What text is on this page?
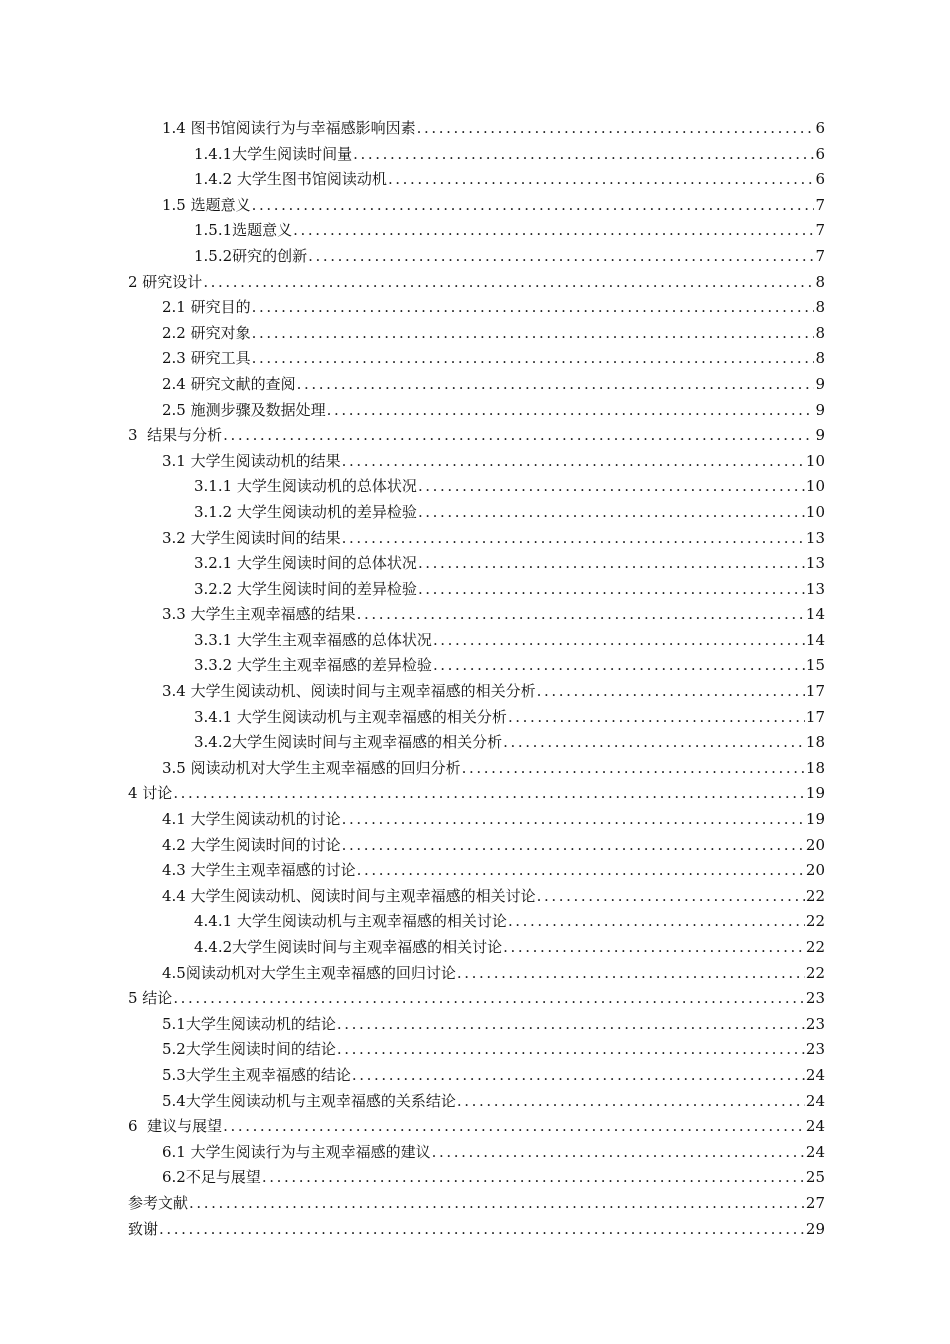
1.4 图书馆阅读行为与幸福感影响因素 .....	6
1.4.1大学生阅读时间量 .....	6
1.4.2 大学生图书馆阅读动机 .....	6
1.5 选题意义 .....	7
1.5.1选题意义 .....	7
1.5.2研究的创新 .....	7
2 研究设计 .....	8
2.1 研究目的 .....	8
2.2 研究对象 .....	8
2.3 研究工具 .....	8
2.4 研究文献的查阅 .....	9
2.5 施测步骤及数据处理 .....	9
3  结果与分析 .....	9
3.1 大学生阅读动机的结果 .....	10
3.1.1 大学生阅读动机的总体状况 .....	10
3.1.2 大学生阅读动机的差异检验 .....	10
3.2 大学生阅读时间的结果 .....	13
3.2.1 大学生阅读时间的总体状况 .....	13
3.2.2 大学生阅读时间的差异检验 .....	13
3.3 大学生主观幸福感的结果 .....	14
3.3.1 大学生主观幸福感的总体状况 .....	14
3.3.2 大学生主观幸福感的差异检验 .....	15
3.4 大学生阅读动机、阅读时间与主观幸福感的相关分析 .....	17
3.4.1 大学生阅读动机与主观幸福感的相关分析 .....	17
3.4.2大学生阅读时间与主观幸福感的相关分析 .....	18
3.5 阅读动机对大学生主观幸福感的回归分析 .....	18
4 讨论 .....	19
4.1 大学生阅读动机的讨论 .....	19
4.2 大学生阅读时间的讨论 .....	20
4.3 大学生主观幸福感的讨论 .....	20
4.4 大学生阅读动机、阅读时间与主观幸福感的相关讨论 .....	22
4.4.1 大学生阅读动机与主观幸福感的相关讨论 .....	22
4.4.2大学生阅读时间与主观幸福感的相关讨论 .....	22
4.5阅读动机对大学生主观幸福感的回归讨论 .....	22
5 结论 .....	23
5.1大学生阅读动机的结论 .....	23
5.2大学生阅读时间的结论 .....	23
5.3大学生主观幸福感的结论 .....	24
5.4大学生阅读动机与主观幸福感的关系结论 .....	24
6  建议与展望 .....	24
6.1 大学生阅读行为与主观幸福感的建议 .....	24
6.2不足与展望 .....	25
参考文献 .....	27
致谢 .....	29
